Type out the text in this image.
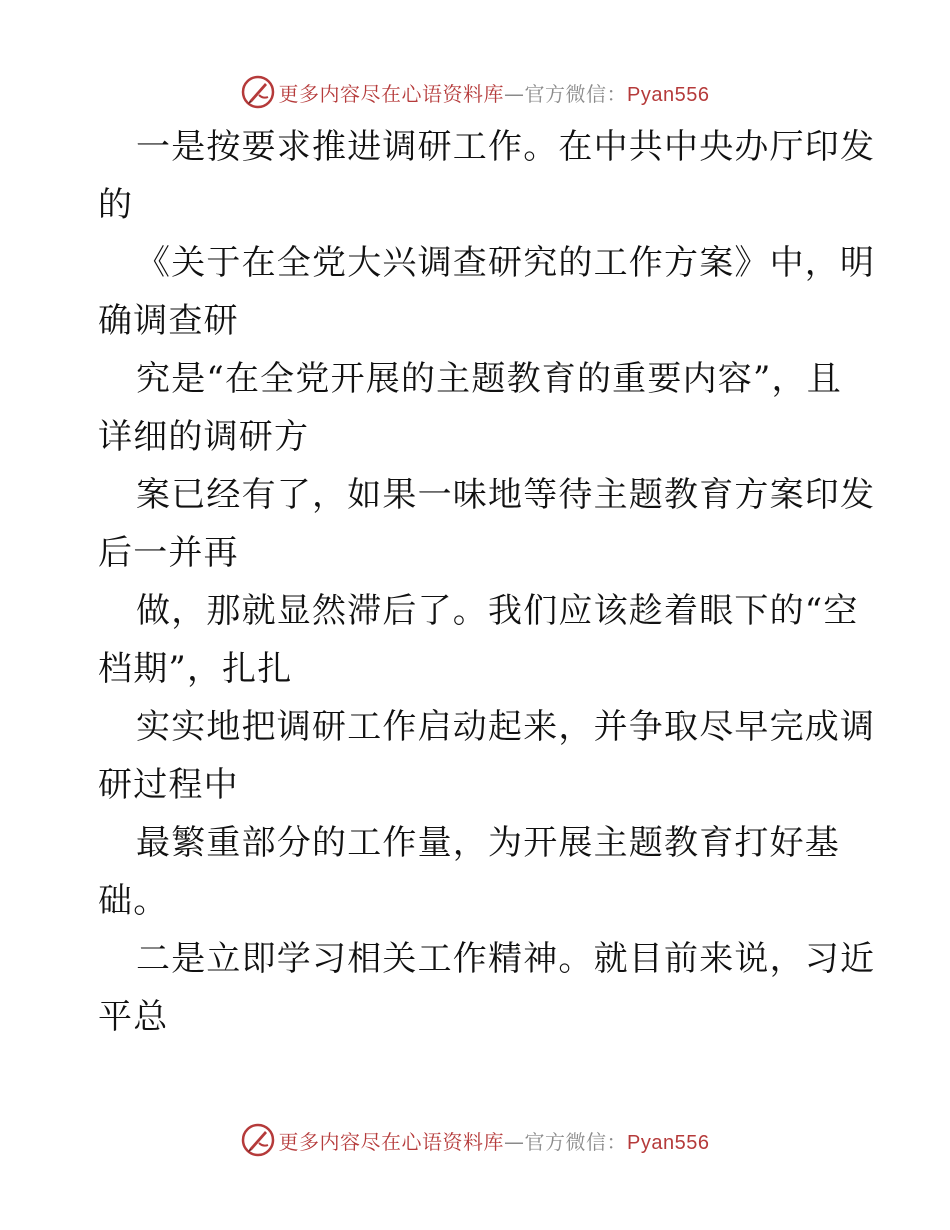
更多内容尽在心语资料库—官方微信：Pyan556
一是按要求推进调研工作。在中共中央办厅印发
的
《关于在全党大兴调查研究的工作方案》中，明
确调查研
究是“在全党开展的主题教育的重要内容”，且
详细的调研方
案已经有了，如果一味地等待主题教育方案印发
后一并再
做，那就显然滞后了。我们应该趁着眼下的“空
档期”，扎扎
实实地把调研工作启动起来，并争取尽早完成调
研过程中
最繁重部分的工作量，为开展主题教育打好基
础。
二是立即学习相关工作精神。就目前来说，习近
平总
更多内容尽在心语资料库—官方微信：Pyan556
